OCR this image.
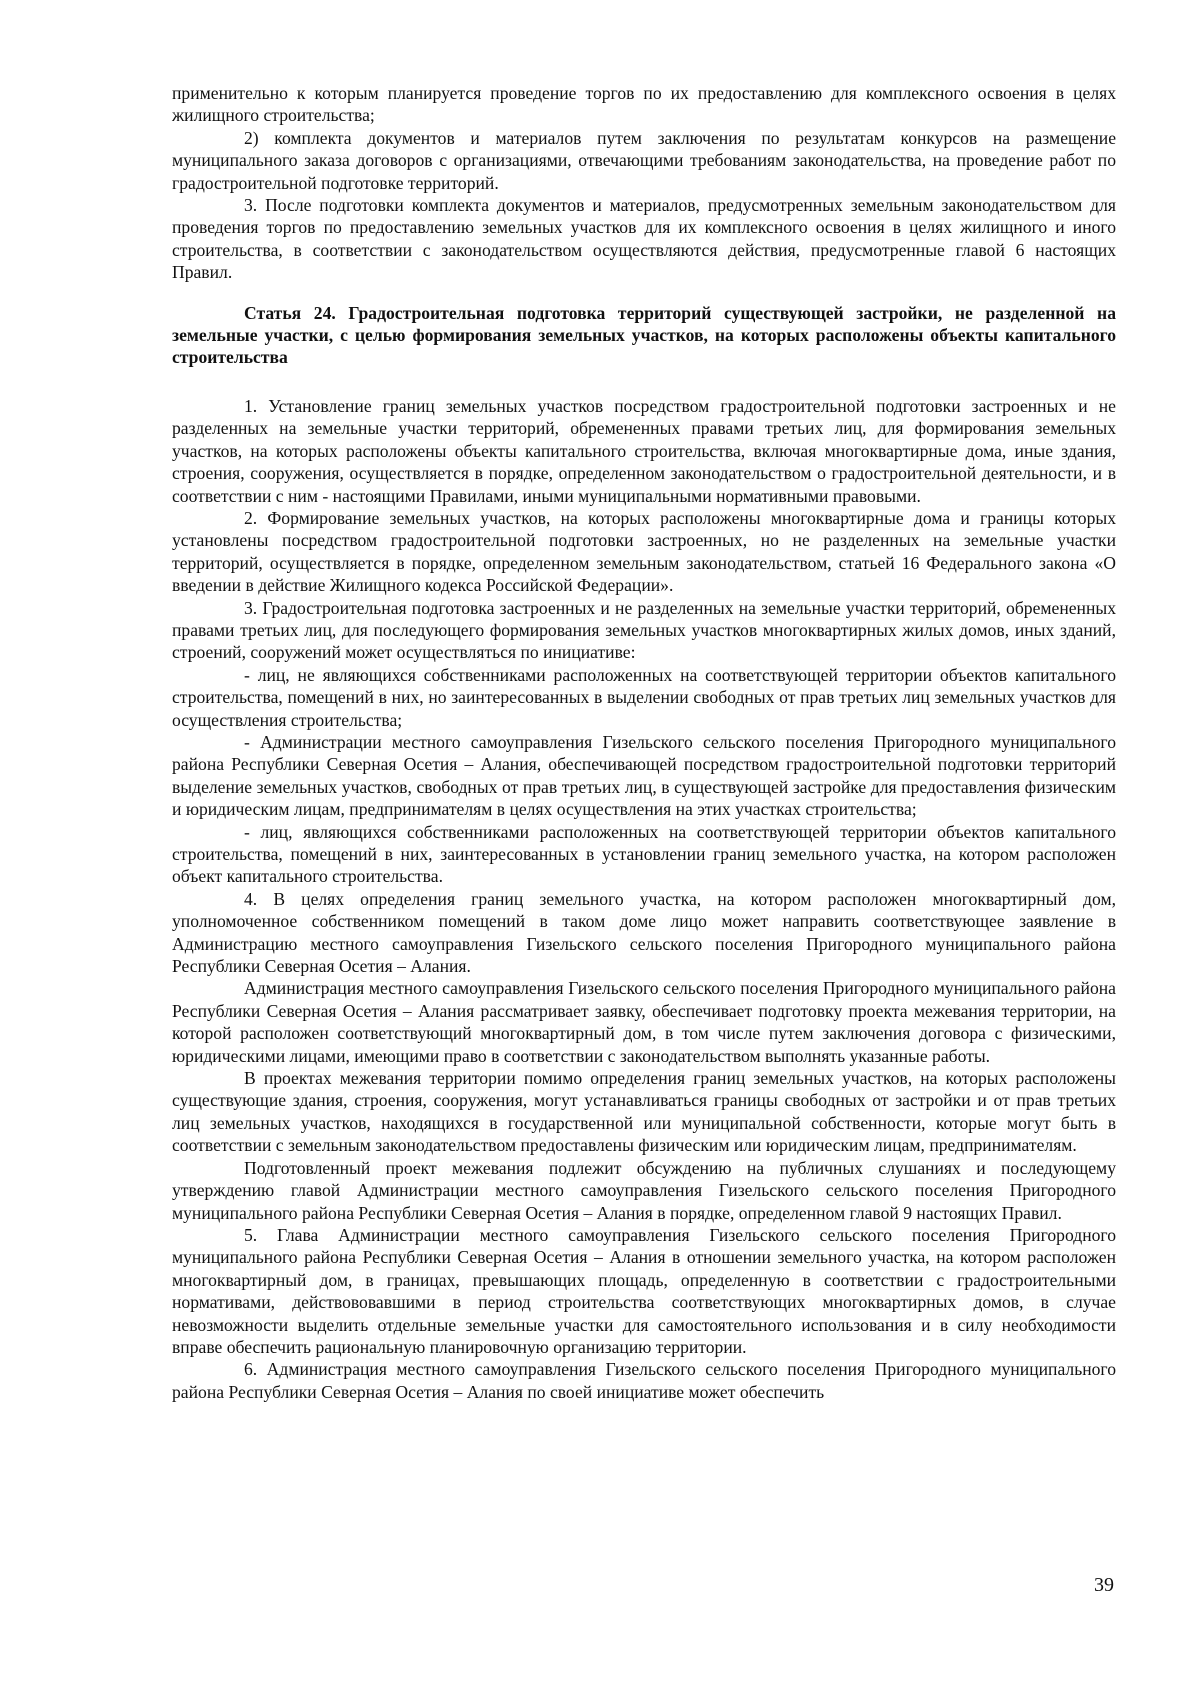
применительно к которым планируется проведение торгов по их предоставлению для комплексного освоения в целях жилищного строительства;

2) комплекта документов и материалов путем заключения по результатам конкурсов на размещение муниципального заказа договоров с организациями, отвечающими требованиям законодательства, на проведение работ по градостроительной подготовке территорий.

3. После подготовки комплекта документов и материалов, предусмотренных земельным законодательством для проведения торгов по предоставлению земельных участков для их комплексного освоения в целях жилищного и иного строительства, в соответствии с законодательством осуществляются действия, предусмотренные главой 6 настоящих Правил.

Статья 24. Градостроительная подготовка территорий существующей застройки, не разделенной на земельные участки, с целью формирования земельных участков, на которых расположены объекты капитального строительства

1. Установление границ земельных участков посредством градостроительной подготовки застроенных и не разделенных на земельные участки территорий, обремененных правами третьих лиц, для формирования земельных участков, на которых расположены объекты капитального строительства, включая многоквартирные дома, иные здания, строения, сооружения, осуществляется в порядке, определенном законодательством о градостроительной деятельности, и в соответствии с ним - настоящими Правилами, иными муниципальными нормативными правовыми.

2. Формирование земельных участков, на которых расположены многоквартирные дома и границы которых установлены посредством градостроительной подготовки застроенных, но не разделенных на земельные участки территорий, осуществляется в порядке, определенном земельным законодательством, статьей 16 Федерального закона «О введении в действие Жилищного кодекса Российской Федерации».

3. Градостроительная подготовка застроенных и не разделенных на земельные участки территорий, обремененных правами третьих лиц, для последующего формирования земельных участков многоквартирных жилых домов, иных зданий, строений, сооружений может осуществляться по инициативе:

- лиц, не являющихся собственниками расположенных на соответствующей территории объектов капитального строительства, помещений в них, но заинтересованных в выделении свободных от прав третьих лиц земельных участков для осуществления строительства;

- Администрации местного самоуправления Гизельского сельского поселения Пригородного муниципального района Республики Северная Осетия – Алания, обеспечивающей посредством градостроительной подготовки территорий выделение земельных участков, свободных от прав третьих лиц, в существующей застройке для предоставления физическим и юридическим лицам, предпринимателям в целях осуществления на этих участках строительства;

- лиц, являющихся собственниками расположенных на соответствующей территории объектов капитального строительства, помещений в них, заинтересованных в установлении границ земельного участка, на котором расположен объект капитального строительства.

4. В целях определения границ земельного участка, на котором расположен многоквартирный дом, уполномоченное собственником помещений в таком доме лицо может направить соответствующее заявление в Администрацию местного самоуправления Гизельского сельского поселения Пригородного муниципального района Республики Северная Осетия – Алания.

Администрация местного самоуправления Гизельского сельского поселения Пригородного муниципального района Республики Северная Осетия – Алания рассматривает заявку, обеспечивает подготовку проекта межевания территории, на которой расположен соответствующий многоквартирный дом, в том числе путем заключения договора с физическими, юридическими лицами, имеющими право в соответствии с законодательством выполнять указанные работы.

В проектах межевания территории помимо определения границ земельных участков, на которых расположены существующие здания, строения, сооружения, могут устанавливаться границы свободных от застройки и от прав третьих лиц земельных участков, находящихся в государственной или муниципальной собственности, которые могут быть в соответствии с земельным законодательством предоставлены физическим или юридическим лицам, предпринимателям.

Подготовленный проект межевания подлежит обсуждению на публичных слушаниях и последующему утверждению главой Администрации местного самоуправления Гизельского сельского поселения Пригородного муниципального района Республики Северная Осетия – Алания в порядке, определенном главой 9 настоящих Правил.

5. Глава Администрации местного самоуправления Гизельского сельского поселения Пригородного муниципального района Республики Северная Осетия – Алания в отношении земельного участка, на котором расположен многоквартирный дом, в границах, превышающих площадь, определенную в соответствии с градостроительными нормативами, действововавшими в период строительства соответствующих многоквартирных домов, в случае невозможности выделить отдельные земельные участки для самостоятельного использования и в силу необходимости вправе обеспечить рациональную планировочную организацию территории.

6. Администрация местного самоуправления Гизельского сельского поселения Пригородного муниципального района Республики Северная Осетия – Алания по своей инициативе может обеспечить

39
